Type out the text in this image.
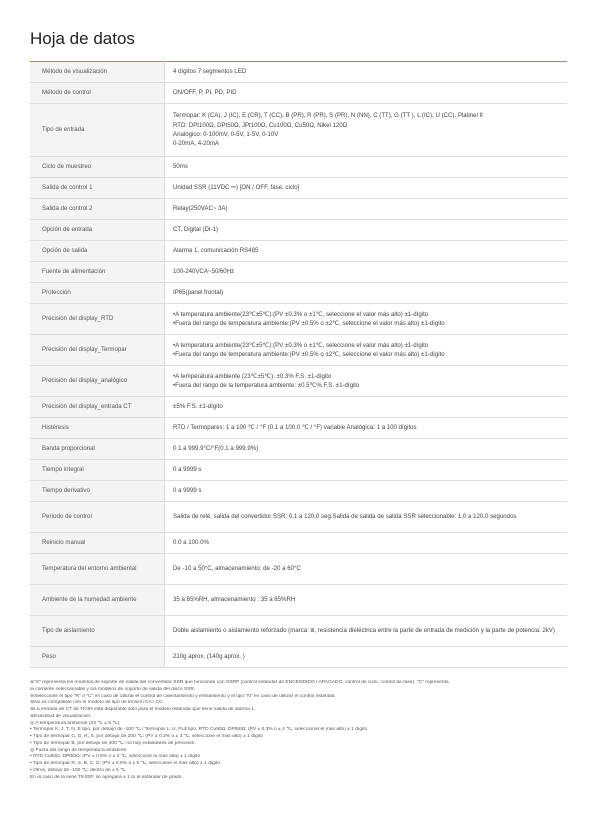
Hoja de datos
Método de visualización	4 dígitos 7 segmentos LED

Método de control	ON/OFF, P, PI, PD, PID

Tipo de entrada	Termopar: K (CA), J (IC), E (CR), T (CC), B (PR), R (PR), S (PR), N (NN), C (TT), G (TT ), L (IC), U (CC), Platinel II
RTD: DPt100Ω, DPt50Ω, JPt100Ω, Cu100Ω, Cu50Ω, Nikel 120Ω
Analógico: 0-100mV, 0-5V, 1-5V, 0-10V
0-20mA, 4-20mA

Ciclo de muestreo	50ms

Salida de control 1	Unidad SSR (11VDC ⎓) [ON / OFF, fase, ciclo]

Salida de control 2	Relay(250VAC~ 3A)

Opción de entrada	CT, Digital (DI-1)

Opción de salida	Alarma 1, comunicación RS485

Fuente de alimentación	100-240VCA~50/60Hz

Protección	IP65(panel frontal)

Precisión del display_RTD	•A temperatura ambiente(23℃±5℃):(PV ±0.3% o ±1℃, seleccione el valor más alto) ±1-dígito
•Fuera del rango de temperatura ambiente:(PV ±0.5% o ±2℃, seleccione el valor más alto) ±1-dígito

Precisión del display_Termopar	•A temperatura ambiente(23℃±5℃):(PV ±0.3% o ±1℃, seleccione el valor más alto) ±1-dígito
•Fuera del rango de temperatura ambiente:(PV ±0.5% o ±2℃, seleccione el valor más alto) ±1-dígito

Precisión del display_analógico	•A temperatura ambiente (23℃±5℃): ±0.3% F.S. ±1-dígito
•Fuera del rango de la temperatura ambiente: ±0.5℃% F.S. ±1-dígito

Precisión del display_entrada CT	±5% F.S. ±1-dígito

Histéresis	RTD / Termopares: 1 a 100 ℃ / °F (0.1 a 100.0 ℃ / °F) variable Analógica: 1 a 100 dígitos

Banda proporcional	0.1 a 999.9°C/°F(0.1 a 999.9%)

Tiempo integral	0 a 9999 s

Tiempo derivativo	0 a 9999 s

Período de control	Salida de relé, salida del convertidor SSR: 0,1 a 120,0 seg.Salida de salida de salida SSR seleccionable: 1,0 a 120,0 segundos

Reinicio manual	0.0 a 100.0%

Temperatura del entorno ambiental	De -10 a 50°C, almacenamiento: de -20 a 60°C

Ambiente de la humedad ambiente	35 a 85%RH, almacenamiento : 35 a 85%RH

Tipo de aislamiento	Doble aislamiento o aislamiento reforzado (marca: ⧈, resistencia dieléctrica entre la parte de entrada de medición y la parte de potencia: 2kV)

Peso	210g aprox. (140g aprox. )
※"S" representa los modelos de soporte de salida del convertidor SSR que funcionan con SSRP (control estándar de ENCENDIDO / APAGADO, control de ciclo, control de fase). "C" representa
la corriente seleccionable y los modelos de soporte de salida del disco SSR.
※Seleccione el tipo "R" o "C" en caso de utilizar el control de calentamiento y enfriamiento y el tipo "N" en caso de utilizar el control estándar.
※No es compatible con el modelo de tipo de tensión CA / CC.
※La entrada de CT de TK4N está disponible solo para el modelo estándar que tiene salida de alarma 1.
※Exactitud de visualización:
◎ A temperatura ambiente (23 ℃ ± 5 ℃)
• Termopar K, J, T, N, E tipo, por debajo de -100 ℃ / Termopar L, U, PLⅡ tipo, RTD Cu50Ω, DPt50Ω: (PV ± 0.3% o ± 2 ℃, seleccionar el más alto) ± 1 dígito
• Tipo de termopar C, G, R, S, por debajo de 200 ℃: (PV ± 0.3% o ± 3 ℃, seleccione el más alto) ± 1 dígito
• Tipo de termopar B, por debajo de 400 ℃: no hay estándares de precisión.
◎ Fuera del rango de temperatura ambiente
• RTD Cu50Ω, DPt50Ω: (PV ± 0.5% o ± 3 ℃, seleccione la más alta) ± 1 dígito
• Tipo de termopar R, S, B, C, G: (PV ± 0.5% o ± 5 ℃, seleccione el más alto) ± 1 dígito
• Otros, debajo de -100 ℃: dentro de ± 5 ℃
En el caso de la serie TK4SP, se agregará ± 1 to al estándar de grado.
